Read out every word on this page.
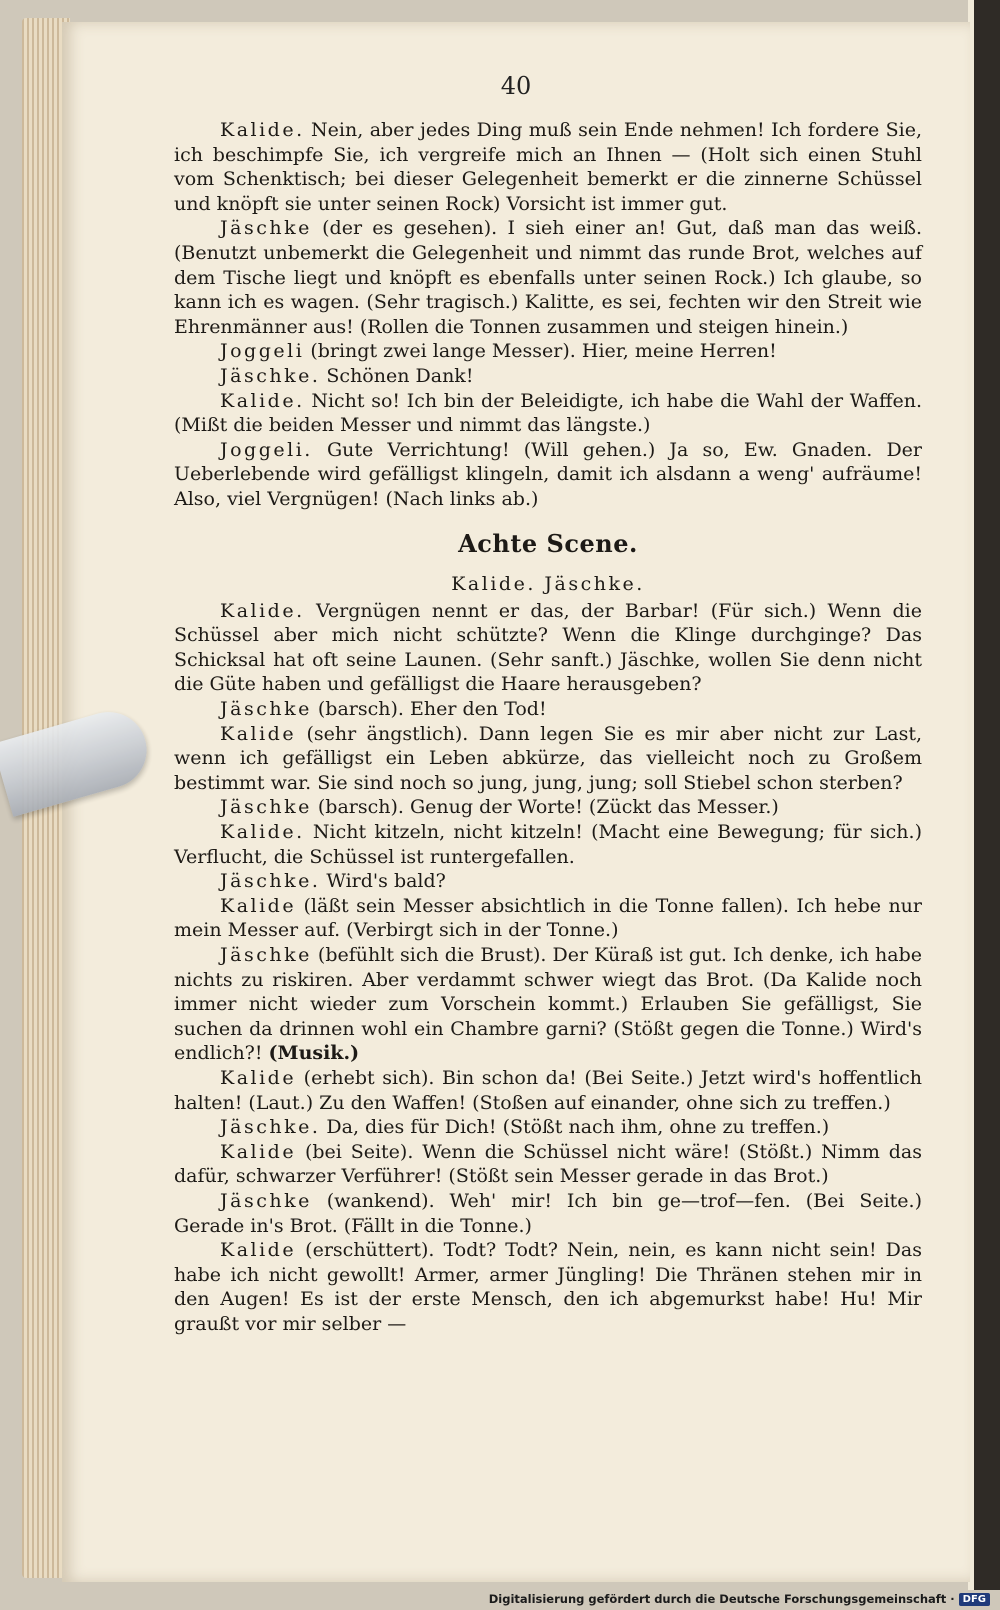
40

Kalide. Nein, aber jedes Ding muß sein Ende nehmen! Ich fordere Sie, ich beschimpfe Sie, ich vergreife mich an Ihnen — (Holt sich einen Stuhl vom Schenktisch; bei dieser Gelegenheit bemerkt er die zinnerne Schüssel und knöpft sie unter seinen Rock) Vorsicht ist immer gut.

Jäschke (der es gesehen). I sieh einer an! Gut, daß man das weiß. (Benutzt unbemerkt die Gelegenheit und nimmt das runde Brot, welches auf dem Tische liegt und knöpft es ebenfalls unter seinen Rock.) Ich glaube, so kann ich es wagen. (Sehr tragisch.) Kalitte, es sei, fechten wir den Streit wie Ehrenmänner aus! (Rollen die Tonnen zusammen und steigen hinein.)

Joggeli (bringt zwei lange Messer). Hier, meine Herren!

Jäschke. Schönen Dank!

Kalide. Nicht so! Ich bin der Beleidigte, ich habe die Wahl der Waffen. (Mißt die beiden Messer und nimmt das längste.)

Joggeli. Gute Verrichtung! (Will gehen.) Ja so, Ew. Gnaden. Der Ueberlebende wird gefälligst klingeln, damit ich alsdann a weng' aufräume! Also, viel Vergnügen! (Nach links ab.)

Achte Scene.

Kalide. Jäschke.

Kalide. Vergnügen nennt er das, der Barbar! (Für sich.) Wenn die Schüssel aber mich nicht schützte? Wenn die Klinge durchginge? Das Schicksal hat oft seine Launen. (Sehr sanft.) Jäschke, wollen Sie denn nicht die Güte haben und gefälligst die Haare herausgeben?

Jäschke (barsch). Eher den Tod!

Kalide (sehr ängstlich). Dann legen Sie es mir aber nicht zur Last, wenn ich gefälligst ein Leben abkürze, das vielleicht noch zu Großem bestimmt war. Sie sind noch so jung, jung, jung; soll Stiebel schon sterben?

Jäschke (barsch). Genug der Worte! (Zückt das Messer.)

Kalide. Nicht kitzeln, nicht kitzeln! (Macht eine Bewegung; für sich.) Verflucht, die Schüssel ist runtergefallen.

Jäschke. Wird's bald?

Kalide (läßt sein Messer absichtlich in die Tonne fallen). Ich hebe nur mein Messer auf. (Verbirgt sich in der Tonne.)

Jäschke (befühlt sich die Brust). Der Küraß ist gut. Ich denke, ich habe nichts zu riskiren. Aber verdammt schwer wiegt das Brot. (Da Kalide noch immer nicht wieder zum Vorschein kommt.) Erlauben Sie gefälligst, Sie suchen da drinnen wohl ein Chambre garni? (Stößt gegen die Tonne.) Wird's endlich?! (Musik.)

Kalide (erhebt sich). Bin schon da! (Bei Seite.) Jetzt wird's hoffentlich halten! (Laut.) Zu den Waffen! (Stoßen auf einander, ohne sich zu treffen.)

Jäschke. Da, dies für Dich! (Stößt nach ihm, ohne zu treffen.)

Kalide (bei Seite). Wenn die Schüssel nicht wäre! (Stößt.) Nimm das dafür, schwarzer Verführer! (Stößt sein Messer gerade in das Brot.)

Jäschke (wankend). Weh' mir! Ich bin ge—trof—fen. (Bei Seite.) Gerade in's Brot. (Fällt in die Tonne.)

Kalide (erschüttert). Todt? Todt? Nein, nein, es kann nicht sein! Das habe ich nicht gewollt! Armer, armer Jüngling! Die Thränen stehen mir in den Augen! Es ist der erste Mensch, den ich abgemurkst habe! Hu! Mir graußt vor mir selber —

Digitalisierung gefördert durch die Deutsche Forschungsgemeinschaft · DFG
